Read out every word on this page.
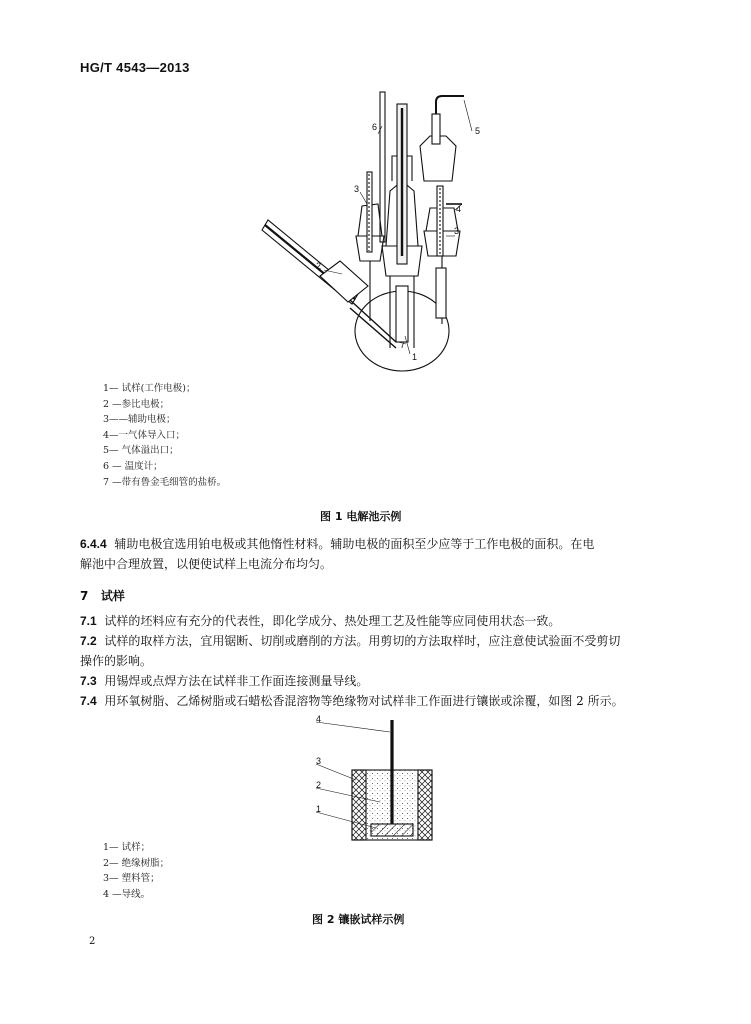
HG/T 4543—2013
1
2
3
3
4
5
6
7
1— 试样(工作电极)；
2 —参比电极；
3——辅助电极；
4—一气体导入口；
5— 气体溢出口；
6 — 温度计；
7 —带有鲁金毛细管的盐桥。
图 1 电解池示例
6.4.4 辅助电极宜选用铂电极或其他惰性材料。辅助电极的面积至少应等于工作电极的面积。在电
解池中合理放置，以便使试样上电流分布均匀。
7 试样
7.1 试样的坯料应有充分的代表性，即化学成分、热处理工艺及性能等应同使用状态一致。
7.2 试样的取样方法，宜用锯断、切削或磨削的方法。用剪切的方法取样时，应注意使试验面不受剪切
操作的影响。
7.3 用锡焊或点焊方法在试样非工作面连接测量导线。
7.4 用环氧树脂、乙烯树脂或石蜡松香混溶物等绝缘物对试样非工作面进行镶嵌或涂覆，如图 2 所示。
1
2
3
4
1— 试样；
2— 绝缘树脂；
3— 塑料管；
4 —导线。
图 2 镶嵌试样示例
2
